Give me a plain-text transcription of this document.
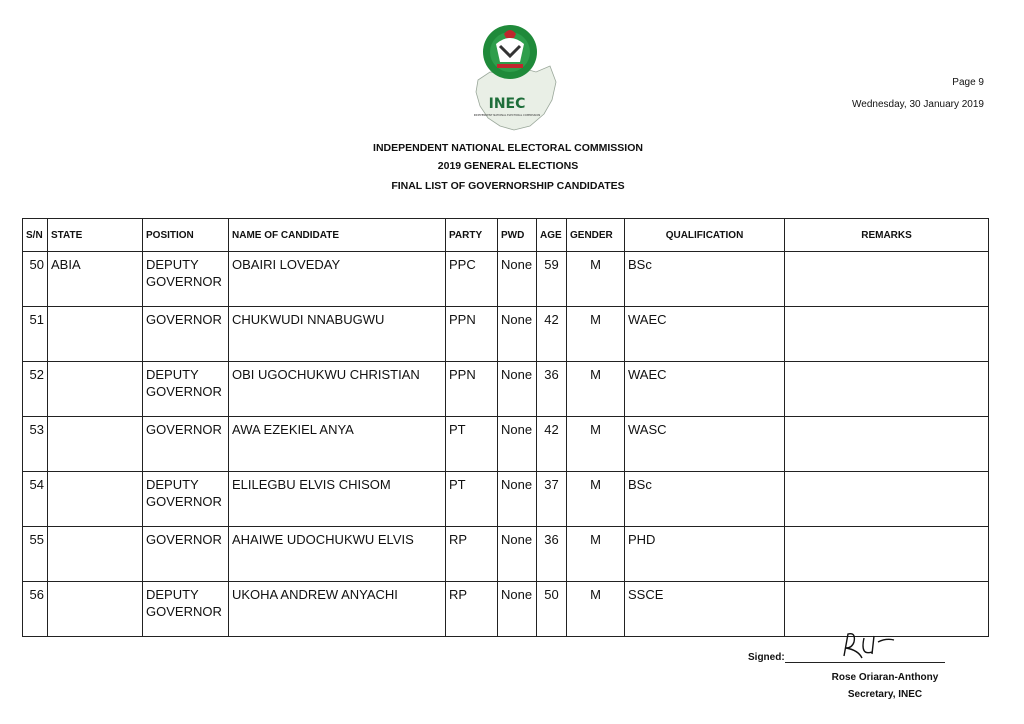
INEC
INDEPENDENT NATIONAL ELECTORAL COMMISSION
Page 9
Wednesday, 30 January 2019
INDEPENDENT NATIONAL ELECTORAL COMMISSION
2019 GENERAL ELECTIONS
FINAL LIST OF GOVERNORSHIP CANDIDATES
S/N	STATE	POSITION	NAME OF CANDIDATE	PARTY	PWD	AGE	GENDER	QUALIFICATION	REMARKS
50	ABIA	DEPUTY GOVERNOR	OBAIRI LOVEDAY	PPC	None	59	M	BSc	
51		GOVERNOR	CHUKWUDI NNABUGWU	PPN	None	42	M	WAEC	
52		DEPUTY GOVERNOR	OBI UGOCHUKWU CHRISTIAN	PPN	None	36	M	WAEC	
53		GOVERNOR	AWA EZEKIEL ANYA	PT	None	42	M	WASC	
54		DEPUTY GOVERNOR	ELILEGBU ELVIS CHISOM	PT	None	37	M	BSc	
55		GOVERNOR	AHAIWE UDOCHUKWU ELVIS	RP	None	36	M	PHD	
56		DEPUTY GOVERNOR	UKOHA ANDREW ANYACHI	RP	None	50	M	SSCE	
Signed:
Rose Oriaran-Anthony
Secretary, INEC
